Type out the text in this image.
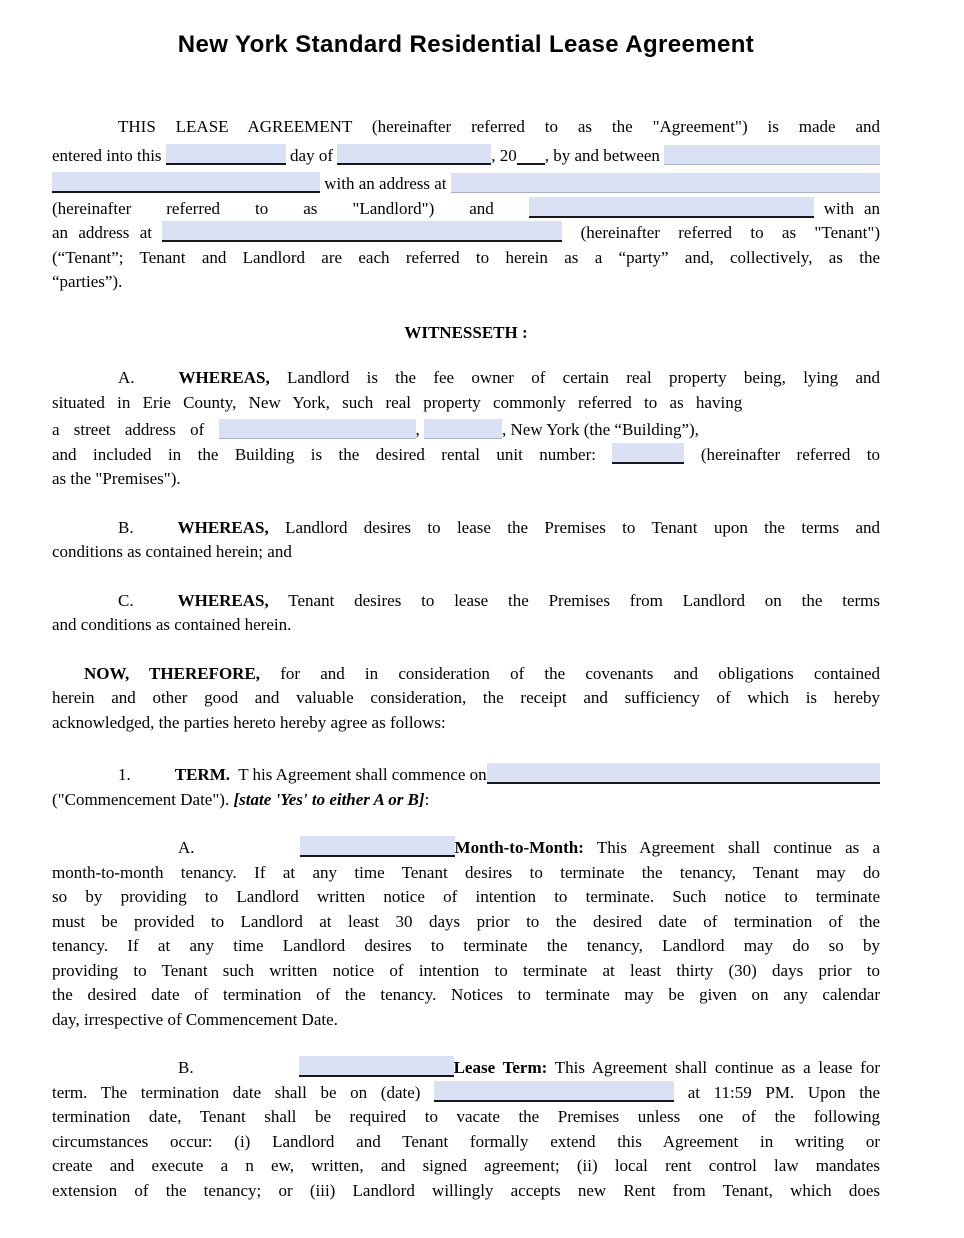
New York Standard Residential Lease Agreement
THIS LEASE AGREEMENT (hereinafter referred to as the "Agreement") is made and
entered into this	day of	, 20 , by and between
with an address at
(hereinafter referred to as "Landlord") and	with an
an address at	(hereinafter referred to as "Tenant")
(“Tenant”; Tenant and Landlord are each referred to herein as a “party” and, collectively, as the
“parties”).
WITNESSETH :
A.	WHEREAS, Landlord is the fee owner of certain real property being, lying and
situated in Erie County, New York, such real property commonly referred to as having
a street address of	,	, New York (the “Building”),
and included in the Building is the desired rental unit number:	(hereinafter referred to
as the "Premises").
B.	WHEREAS, Landlord desires to lease the Premises to Tenant upon the terms and
conditions as contained herein; and
C.	WHEREAS, Tenant desires to lease the Premises from Landlord on the terms
and conditions as contained herein.
NOW, THEREFORE, for and in consideration of the covenants and obligations contained
herein and other good and valuable consideration, the receipt and sufficiency of which is hereby
acknowledged, the parties hereto hereby agree as follows:

1.	TERM. T his Agreement shall commence on
("Commencement Date"). [state 'Yes' to either A or B]:
A.	Month-to-Month: This Agreement shall continue as a
month-to-month tenancy. If at any time Tenant desires to terminate the tenancy, Tenant may do
so by providing to Landlord written notice of intention to terminate. Such notice to terminate
must be provided to Landlord at least 30 days prior to the desired date of termination of the
tenancy. If at any time Landlord desires to terminate the tenancy, Landlord may do so by
providing to Tenant such written notice of intention to terminate at least thirty (30) days prior to
the desired date of termination of the tenancy. Notices to terminate may be given on any calendar
day, irrespective of Commencement Date.
B.	Lease Term: This Agreement shall continue as a lease for
term. The termination date shall be on (date)	at 11:59 PM. Upon the
termination date, Tenant shall be required to vacate the Premises unless one of the following
circumstances occur: (i) Landlord and Tenant formally extend this Agreement in writing or
create and execute a n ew, written, and signed agreement; (ii) local rent control law mandates
extension of the tenancy; or (iii) Landlord willingly accepts new Rent from Tenant, which does
